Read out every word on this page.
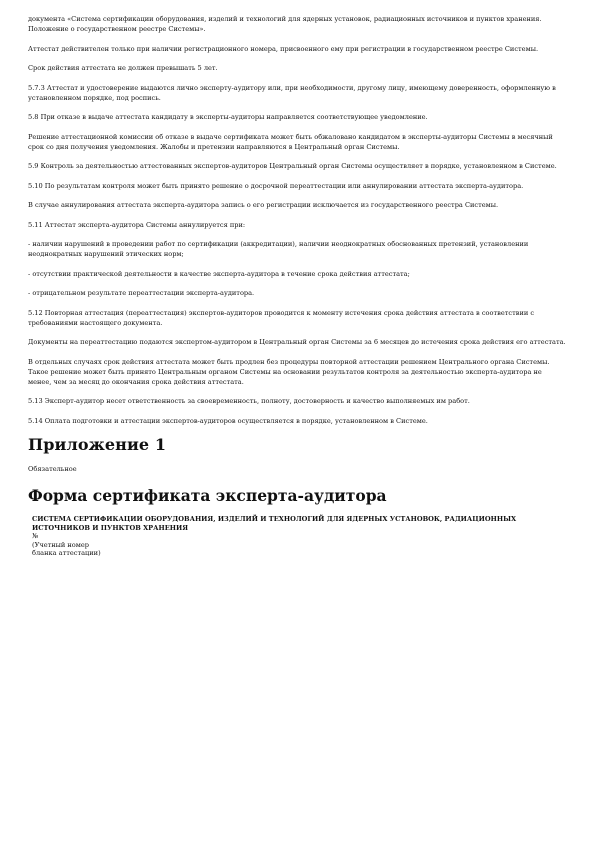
документа «Система сертификации оборудования, изделий и технологий для ядерных установок, радиационных источников и пунктов хранения. Положение о государственном реестре Системы».

Аттестат действителен только при наличии регистрационного номера, присвоенного ему при регистрации в государственном реестре Системы.

Срок действия аттестата не должен превышать 5 лет.

5.7.3 Аттестат и удостоверение выдаются лично эксперту-аудитору или, при необходимости, другому лицу, имеющему доверенность, оформленную в установленном порядке, под роспись.

5.8 При отказе в выдаче аттестата кандидату в эксперты-аудиторы направляется соответствующее уведомление.

Решение аттестационной комиссии об отказе в выдаче сертификата может быть обжаловано кандидатом в эксперты-аудиторы Системы в месячный срок со дня получения уведомления. Жалобы и претензии направляются в Центральный орган Системы.

5.9 Контроль за деятельностью аттестованных экспертов-аудиторов Центральный орган Системы осуществляет в порядке, установленном в Системе.

5.10 По результатам контроля может быть принято решение о досрочной переаттестации или аннулировании аттестата эксперта-аудитора.

В случае аннулирования аттестата эксперта-аудитора запись о его регистрации исключается из государственного реестра Системы.

5.11 Аттестат эксперта-аудитора Системы аннулируется при:

- наличии нарушений в проведении работ по сертификации (аккредитации), наличии неоднократных обоснованных претензий, установлении неоднократных нарушений этических норм;

- отсутствии практической деятельности в качестве эксперта-аудитора в течение срока действия аттестата;

- отрицательном результате переаттестации эксперта-аудитора.

5.12 Повторная аттестация (переаттестация) экспертов-аудиторов проводится к моменту истечения срока действия аттестата в соответствии с требованиями настоящего документа.

Документы на переаттестацию подаются экспертом-аудитором в Центральный орган Системы за 6 месяцев до истечения срока действия его аттестата.

В отдельных случаях срок действия аттестата может быть продлен без процедуры повторной аттестации решением Центрального органа Системы. Такое решение может быть принято Центральным органом Системы на основании результатов контроля за деятельностью эксперта-аудитора не менее, чем за месяц до окончания срока действия аттестата.

5.13 Эксперт-аудитор несет ответственность за своевременность, полноту, достоверность и качество выполняемых им работ.

5.14 Оплата подготовки и аттестации экспертов-аудиторов осуществляется в порядке, установленном в Системе.

Приложение 1

Обязательное

Форма сертификата эксперта-аудитора

СИСТЕМА СЕРТИФИКАЦИИ ОБОРУДОВАНИЯ, ИЗДЕЛИЙ И ТЕХНОЛОГИЙ ДЛЯ ЯДЕРНЫХ УСТАНОВОК, РАДИАЦИОННЫХ ИСТОЧНИКОВ И ПУНКТОВ ХРАНЕНИЯ

№

(Учетный номер

бланка аттестации)
